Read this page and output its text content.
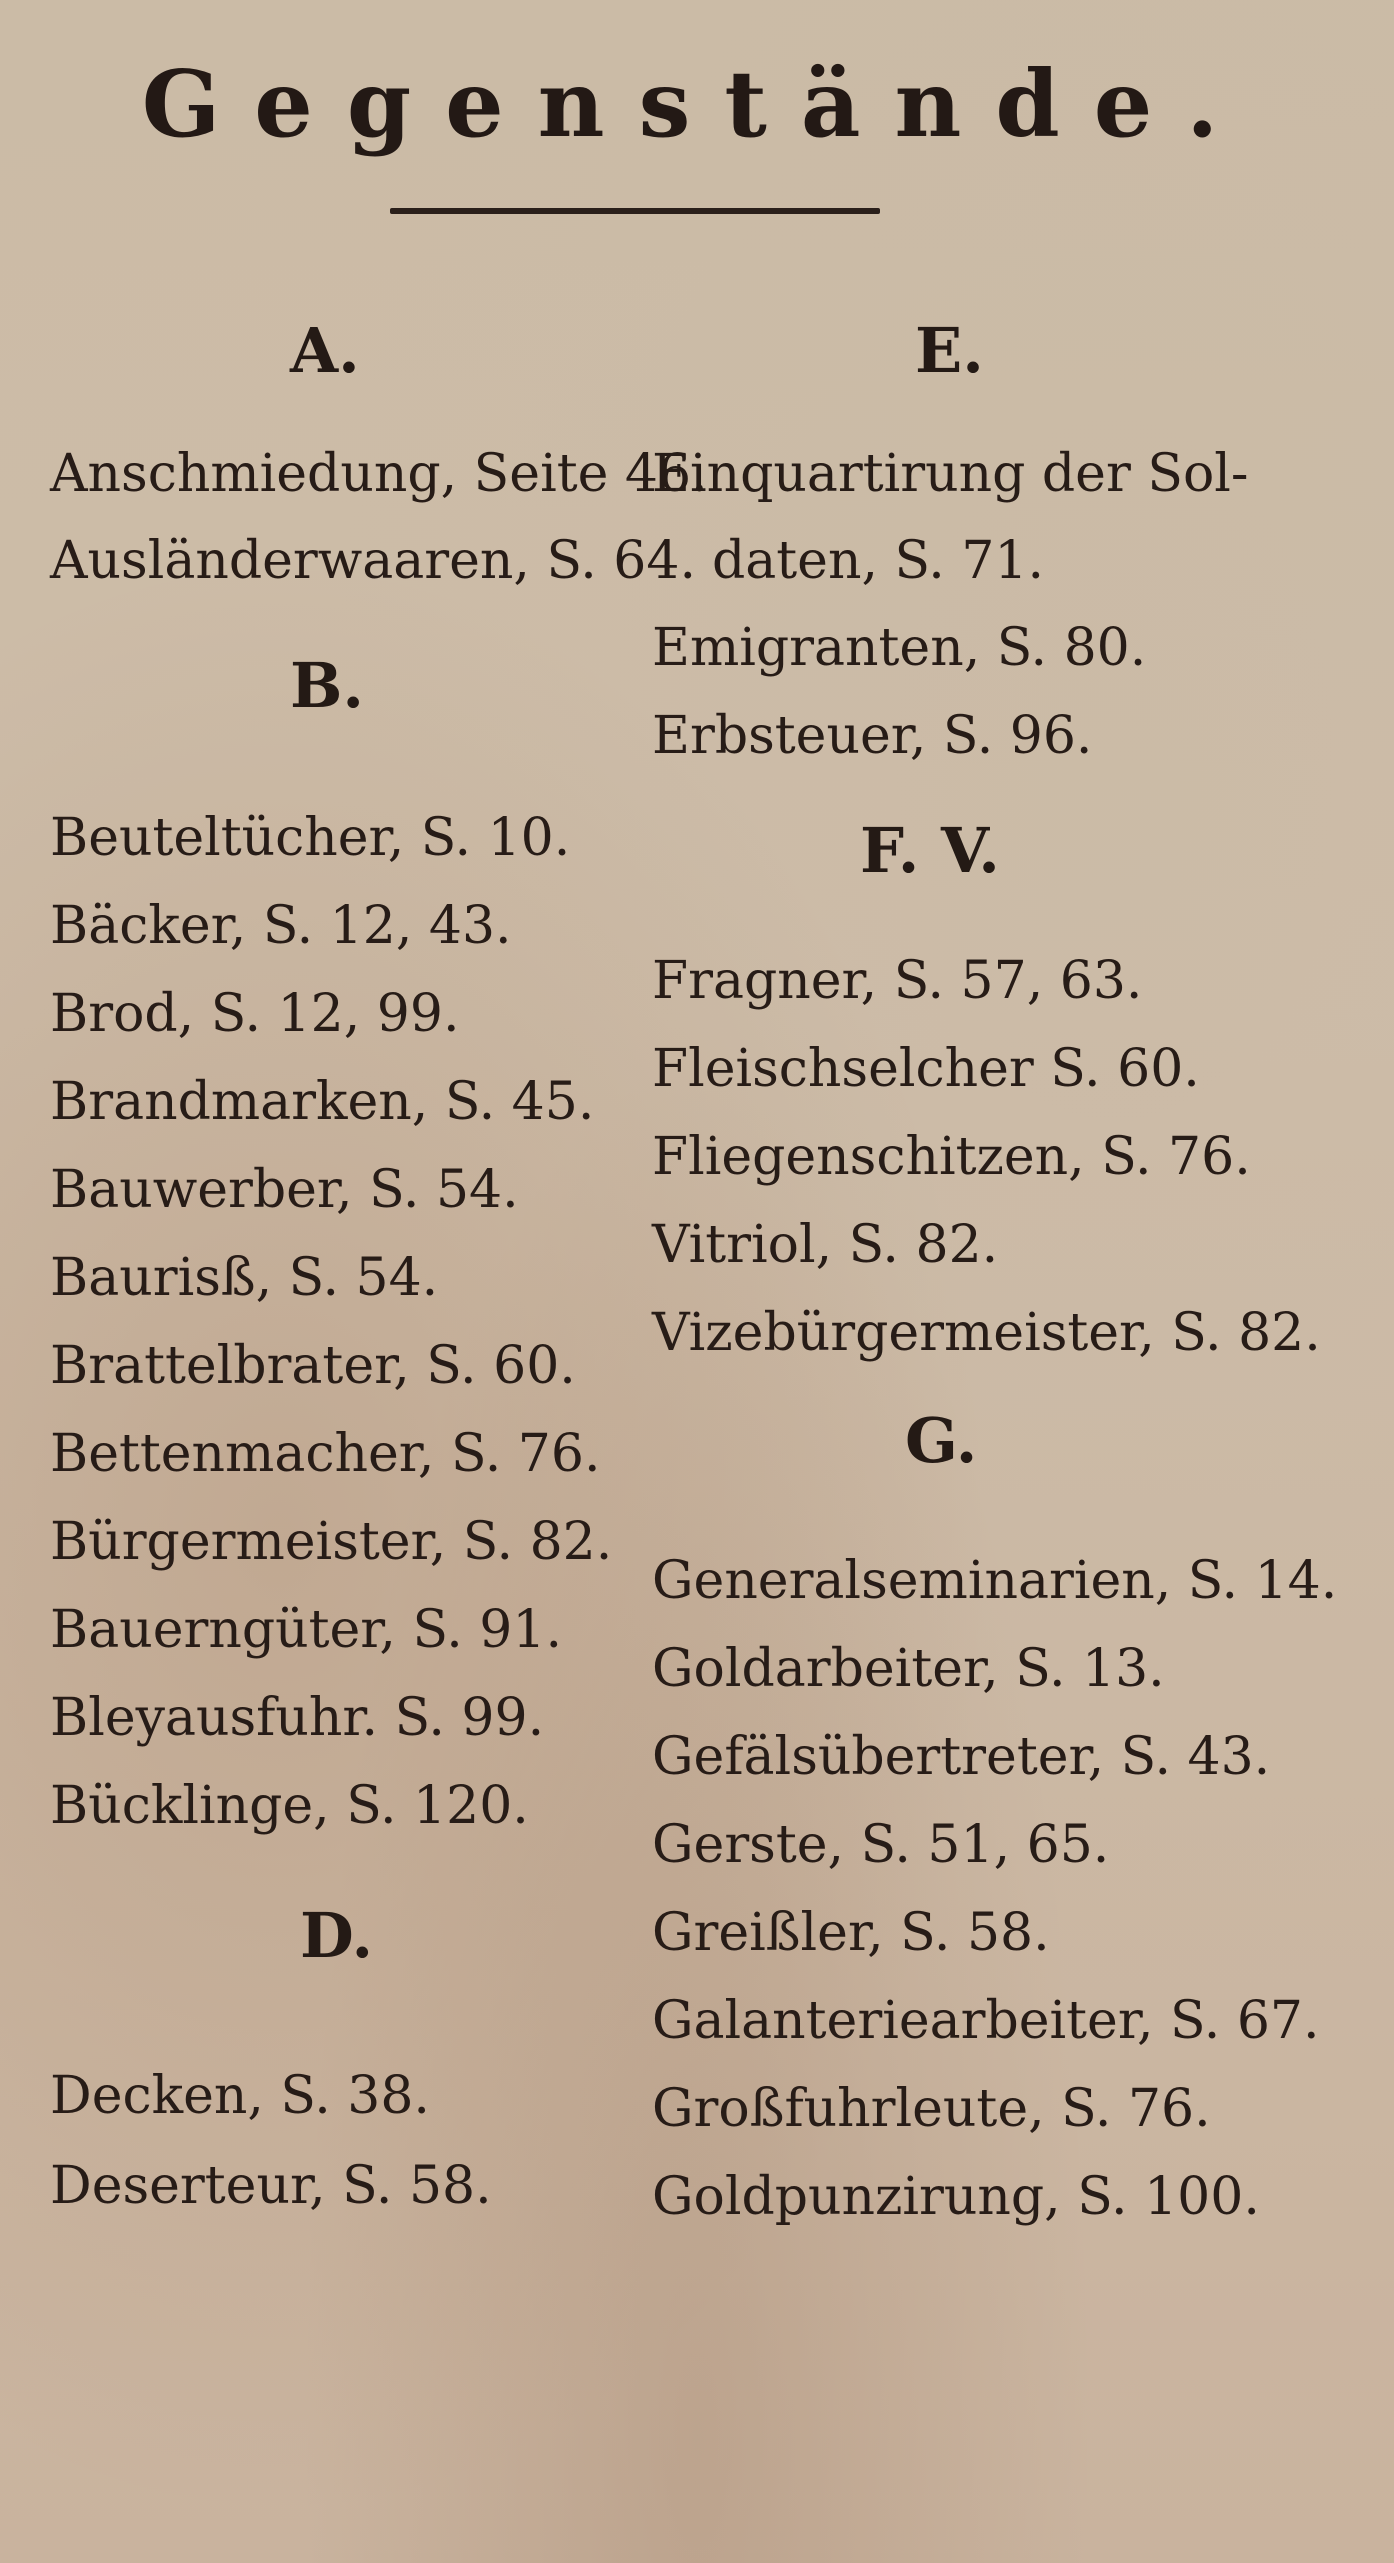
Gegenstände.
A.
Anschmiedung, Seite 46.
Ausländerwaaren, S. 64.
B.
Beuteltücher, S. 10.
Bäcker, S. 12, 43.
Brod, S. 12, 99.
Brandmarken, S. 45.
Bauwerber, S. 54.
Baurisß, S. 54.
Brattelbrater, S. 60.
Bettenmacher, S. 76.
Bürgermeister, S. 82.
Bauerngüter, S. 91.
Bleyausfuhr. S. 99.
Bücklinge, S. 120.
D.
Decken, S. 38.
Deserteur, S. 58.
E.
Einquartirung der Sol-
daten, S. 71.
Emigranten, S. 80.
Erbsteuer, S. 96.
F. V.
Fragner, S. 57, 63.
Fleischselcher S. 60.
Fliegenschitzen, S. 76.
Vitriol, S. 82.
Vizebürgermeister, S. 82.
G.
Generalseminarien, S. 14.
Goldarbeiter, S. 13.
Gefälsübertreter, S. 43.
Gerste, S. 51, 65.
Greißler, S. 58.
Galanteriearbeiter, S. 67.
Großfuhrleute, S. 76.
Goldpunzirung, S. 100.
